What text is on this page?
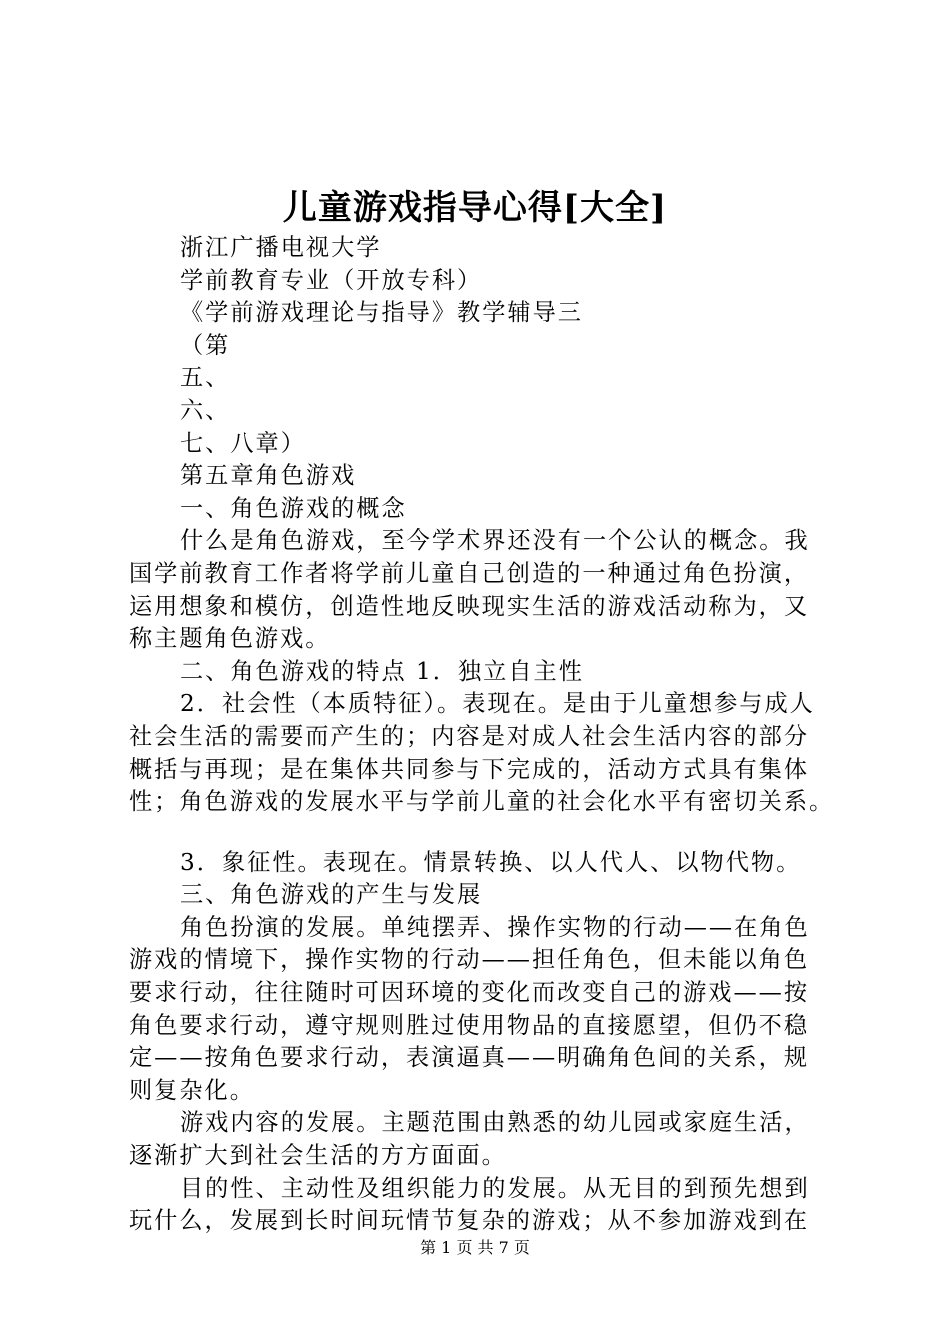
儿童游戏指导心得[大全]
浙江广播电视大学
学前教育专业（开放专科）
《学前游戏理论与指导》教学辅导三
（第
五、
六、
七、八章）
第五章角色游戏
一、角色游戏的概念
什么是角色游戏，至今学术界还没有一个公认的概念。我
国学前教育工作者将学前儿童自己创造的一种通过角色扮演，
运用想象和模仿，创造性地反映现实生活的游戏活动称为，又
称主题角色游戏。
二、角色游戏的特点 1．独立自主性
2．社会性（本质特征）。表现在。是由于儿童想参与成人
社会生活的需要而产生的；内容是对成人社会生活内容的部分
概括与再现；是在集体共同参与下完成的，活动方式具有集体
性；角色游戏的发展水平与学前儿童的社会化水平有密切关系。
3．象征性。表现在。情景转换、以人代人、以物代物。
三、角色游戏的产生与发展
角色扮演的发展。单纯摆弄、操作实物的行动——在角色
游戏的情境下，操作实物的行动——担任角色，但未能以角色
要求行动，往往随时可因环境的变化而改变自己的游戏——按
角色要求行动，遵守规则胜过使用物品的直接愿望，但仍不稳
定——按角色要求行动，表演逼真——明确角色间的关系，规
则复杂化。
游戏内容的发展。主题范围由熟悉的幼儿园或家庭生活，
逐渐扩大到社会生活的方方面面。
目的性、主动性及组织能力的发展。从无目的到预先想到
玩什么，发展到长时间玩情节复杂的游戏；从不参加游戏到在
第 1 页 共 7 页
